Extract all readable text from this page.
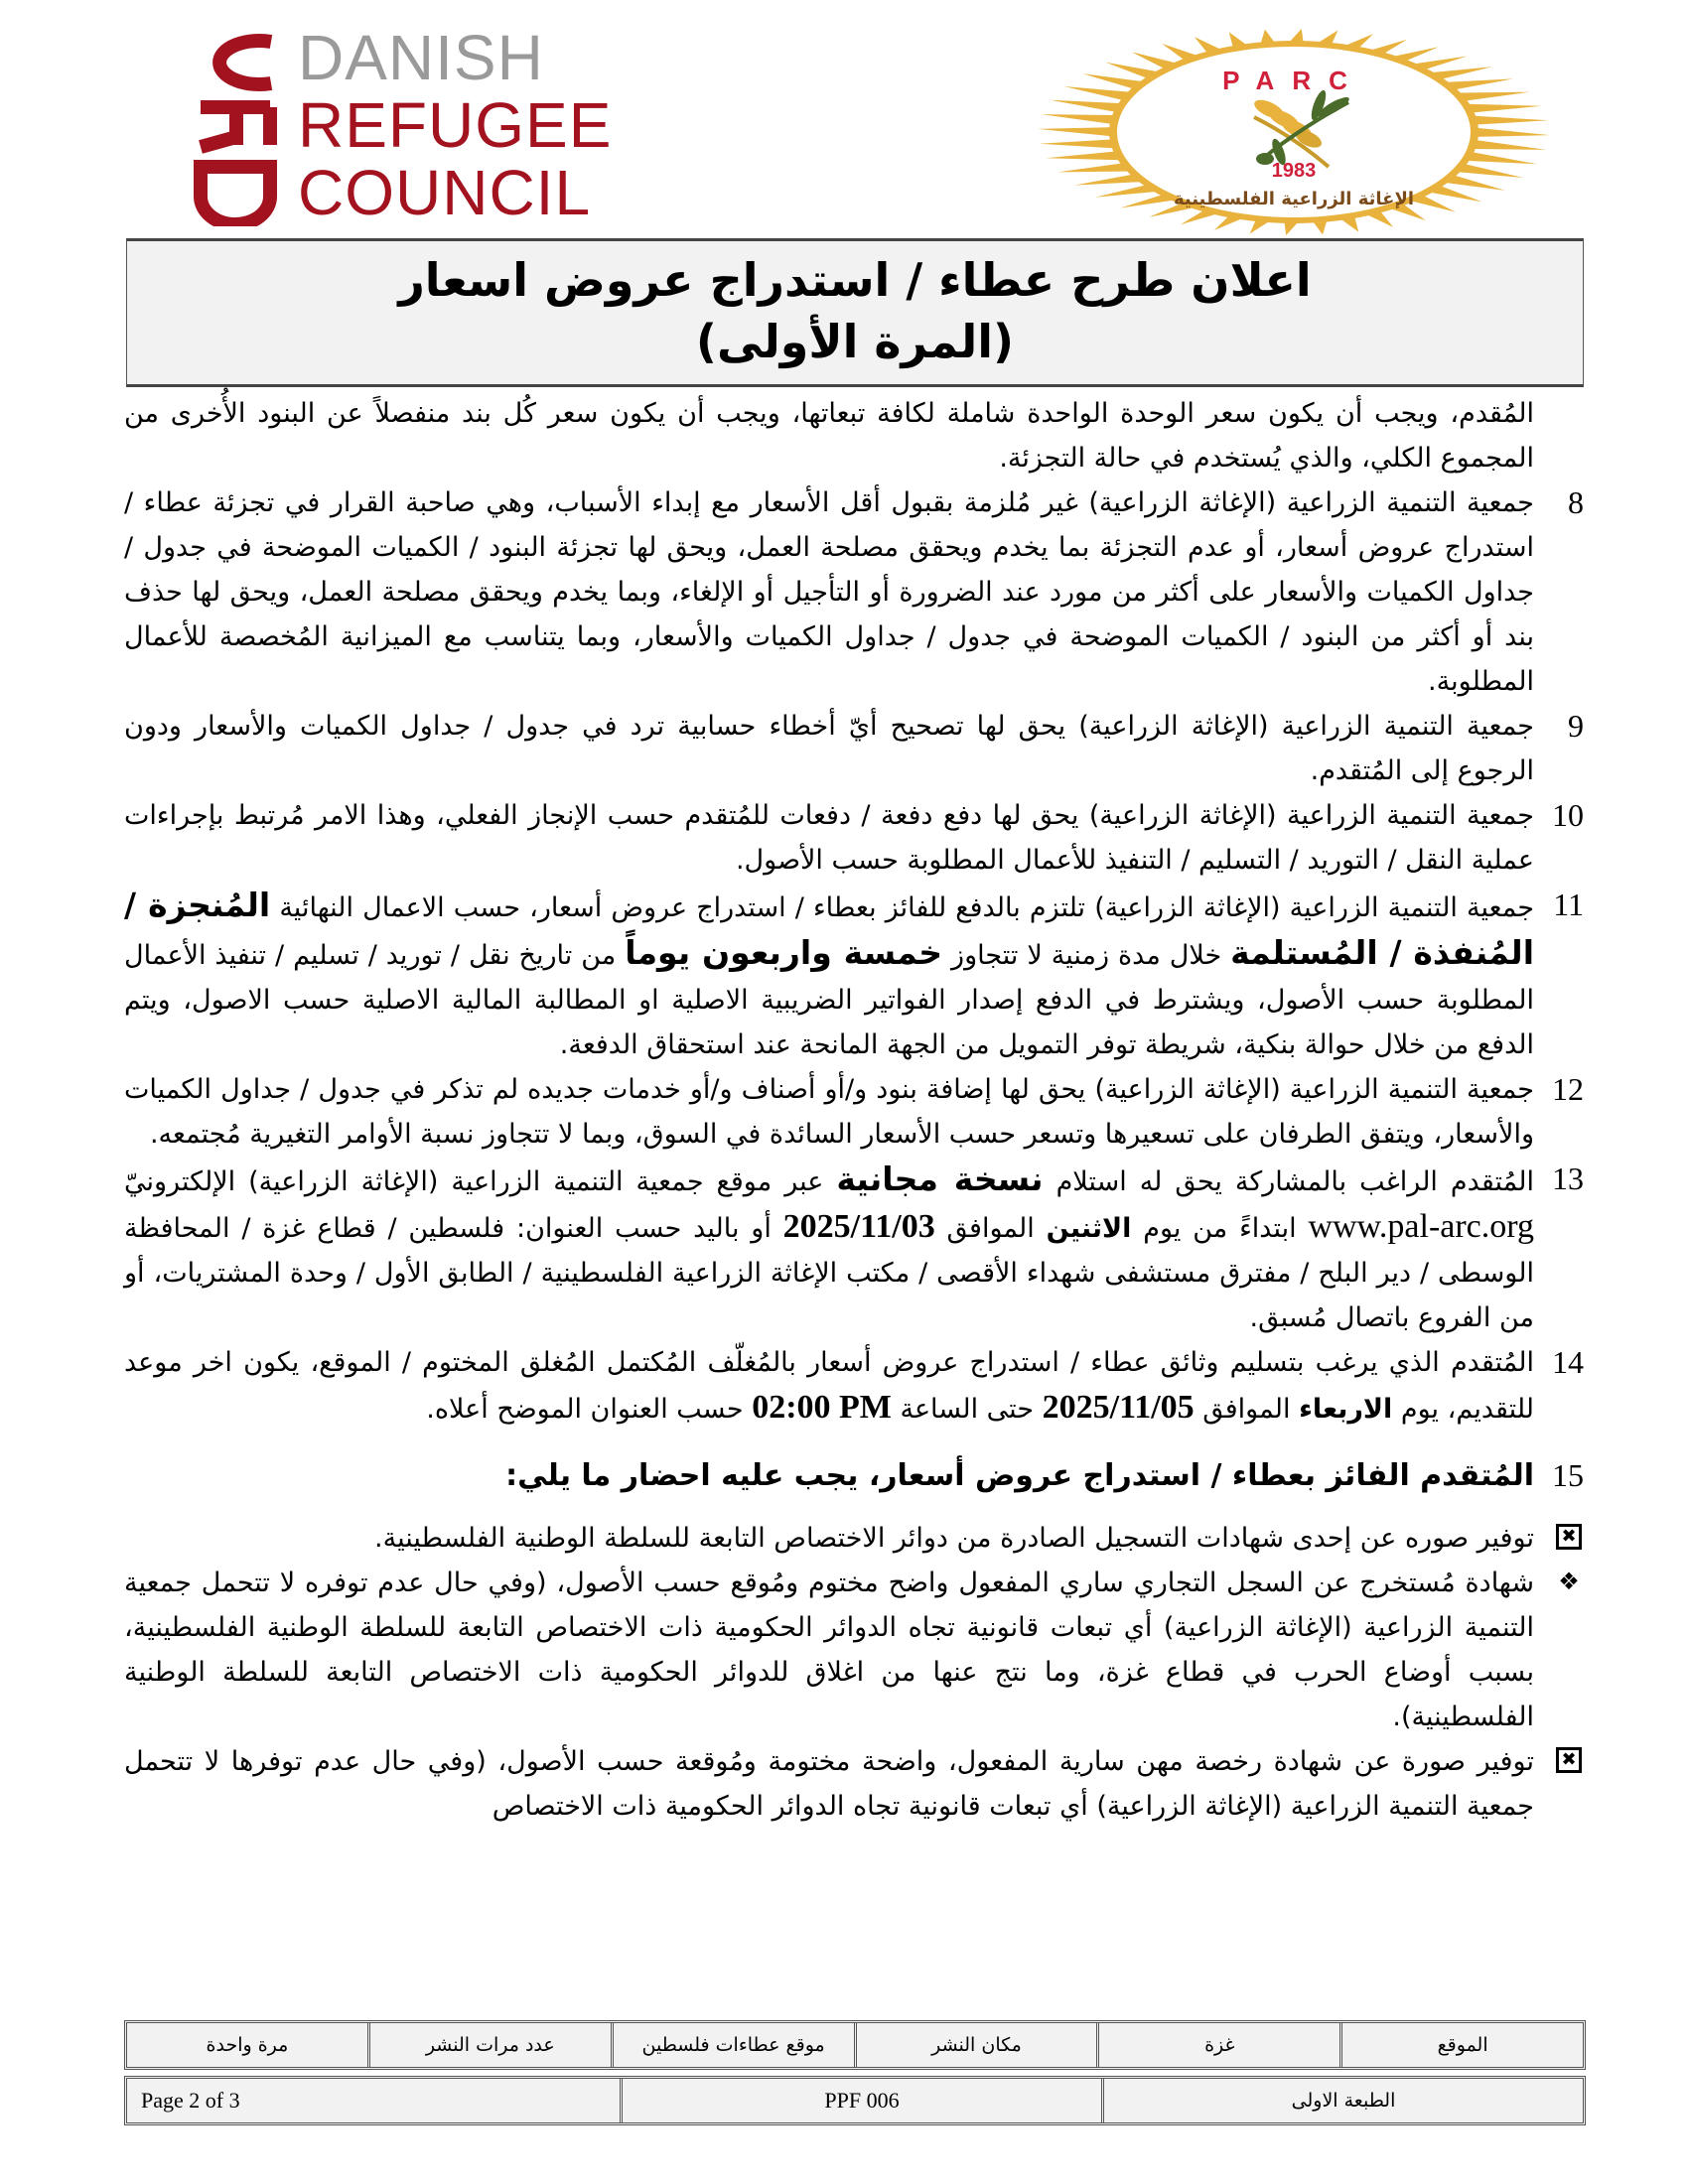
DANISH
REFUGEE
COUNCIL
PARC
1983
الإغاثة الزراعية الفلسطينية
اعلان طرح عطاء / استدراج عروض اسعار
(المرة الأولى)
المُقدم، ويجب أن يكون سعر الوحدة الواحدة شاملة لكافة تبعاتها، ويجب أن يكون سعر كُل بند منفصلاً عن البنود الأُخرى من المجموع الكلي، والذي يُستخدم في حالة التجزئة.
8
جمعية التنمية الزراعية (الإغاثة الزراعية) غير مُلزمة بقبول أقل الأسعار مع إبداء الأسباب، وهي صاحبة القرار في تجزئة عطاء / استدراج عروض أسعار، أو عدم التجزئة بما يخدم ويحقق مصلحة العمل، ويحق لها تجزئة البنود / الكميات الموضحة في جدول / جداول الكميات والأسعار على أكثر من مورد عند الضرورة أو التأجيل أو الإلغاء، وبما يخدم ويحقق مصلحة العمل، ويحق لها حذف بند أو أكثر من البنود / الكميات الموضحة في جدول / جداول الكميات والأسعار، وبما يتناسب مع الميزانية المُخصصة للأعمال المطلوبة.
9
جمعية التنمية الزراعية (الإغاثة الزراعية) يحق لها تصحيح أيّ أخطاء حسابية ترد في جدول / جداول الكميات والأسعار ودون الرجوع إلى المُتقدم.
10
جمعية التنمية الزراعية (الإغاثة الزراعية) يحق لها دفع دفعة / دفعات للمُتقدم حسب الإنجاز الفعلي، وهذا الامر مُرتبط بإجراءات عملية النقل / التوريد / التسليم / التنفيذ للأعمال المطلوبة حسب الأصول.
11
جمعية التنمية الزراعية (الإغاثة الزراعية) تلتزم بالدفع للفائز بعطاء / استدراج عروض أسعار، حسب الاعمال النهائية المُنجزة / المُنفذة / المُستلمة خلال مدة زمنية لا تتجاوز خمسة واربعون يوماً من تاريخ نقل / توريد / تسليم / تنفيذ الأعمال المطلوبة حسب الأصول، ويشترط في الدفع إصدار الفواتير الضريبية الاصلية او المطالبة المالية الاصلية حسب الاصول، ويتم الدفع من خلال حوالة بنكية، شريطة توفر التمويل من الجهة المانحة عند استحقاق الدفعة.
12
جمعية التنمية الزراعية (الإغاثة الزراعية) يحق لها إضافة بنود و/أو أصناف و/أو خدمات جديده لم تذكر في جدول / جداول الكميات والأسعار، ويتفق الطرفان على تسعيرها وتسعر حسب الأسعار السائدة في السوق، وبما لا تتجاوز نسبة الأوامر التغيرية مُجتمعه.
13
المُتقدم الراغب بالمشاركة يحق له استلام نسخة مجانية عبر موقع جمعية التنمية الزراعية (الإغاثة الزراعية) الإلكترونيّ www.pal-arc.org ابتداءً من يوم الاثنين الموافق 2025/11/03 أو باليد حسب العنوان: فلسطين / قطاع غزة / المحافظة الوسطى / دير البلح / مفترق مستشفى شهداء الأقصى / مكتب الإغاثة الزراعية الفلسطينية / الطابق الأول / وحدة المشتريات، أو من الفروع باتصال مُسبق.
14
المُتقدم الذي يرغب بتسليم وثائق عطاء / استدراج عروض أسعار بالمُغلّف المُكتمل المُغلق المختوم / الموقع، يكون اخر موعد للتقديم، يوم الاربعاء الموافق 2025/11/05 حتى الساعة 02:00 PM حسب العنوان الموضح أعلاه.
15
المُتقدم الفائز بعطاء / استدراج عروض أسعار، يجب عليه احضار ما يلي:
✖
توفير صوره عن إحدى شهادات التسجيل الصادرة من دوائر الاختصاص التابعة للسلطة الوطنية الفلسطينية.
❖
شهادة مُستخرج عن السجل التجاري ساري المفعول واضح مختوم ومُوقع حسب الأصول، (وفي حال عدم توفره لا تتحمل جمعية التنمية الزراعية (الإغاثة الزراعية) أي تبعات قانونية تجاه الدوائر الحكومية ذات الاختصاص التابعة للسلطة الوطنية الفلسطينية، بسبب أوضاع الحرب في قطاع غزة، وما نتج عنها من اغلاق للدوائر الحكومية ذات الاختصاص التابعة للسلطة الوطنية الفلسطينية).
✖
توفير صورة عن شهادة رخصة مهن سارية المفعول، واضحة مختومة ومُوقعة حسب الأصول، (وفي حال عدم توفرها لا تتحمل جمعية التنمية الزراعية (الإغاثة الزراعية) أي تبعات قانونية تجاه الدوائر الحكومية ذات الاختصاص
الموقع
غزة
مكان النشر
موقع عطاءات فلسطين
عدد مرات النشر
مرة واحدة
الطبعة الاولى
PPF 006
Page 2 of 3
